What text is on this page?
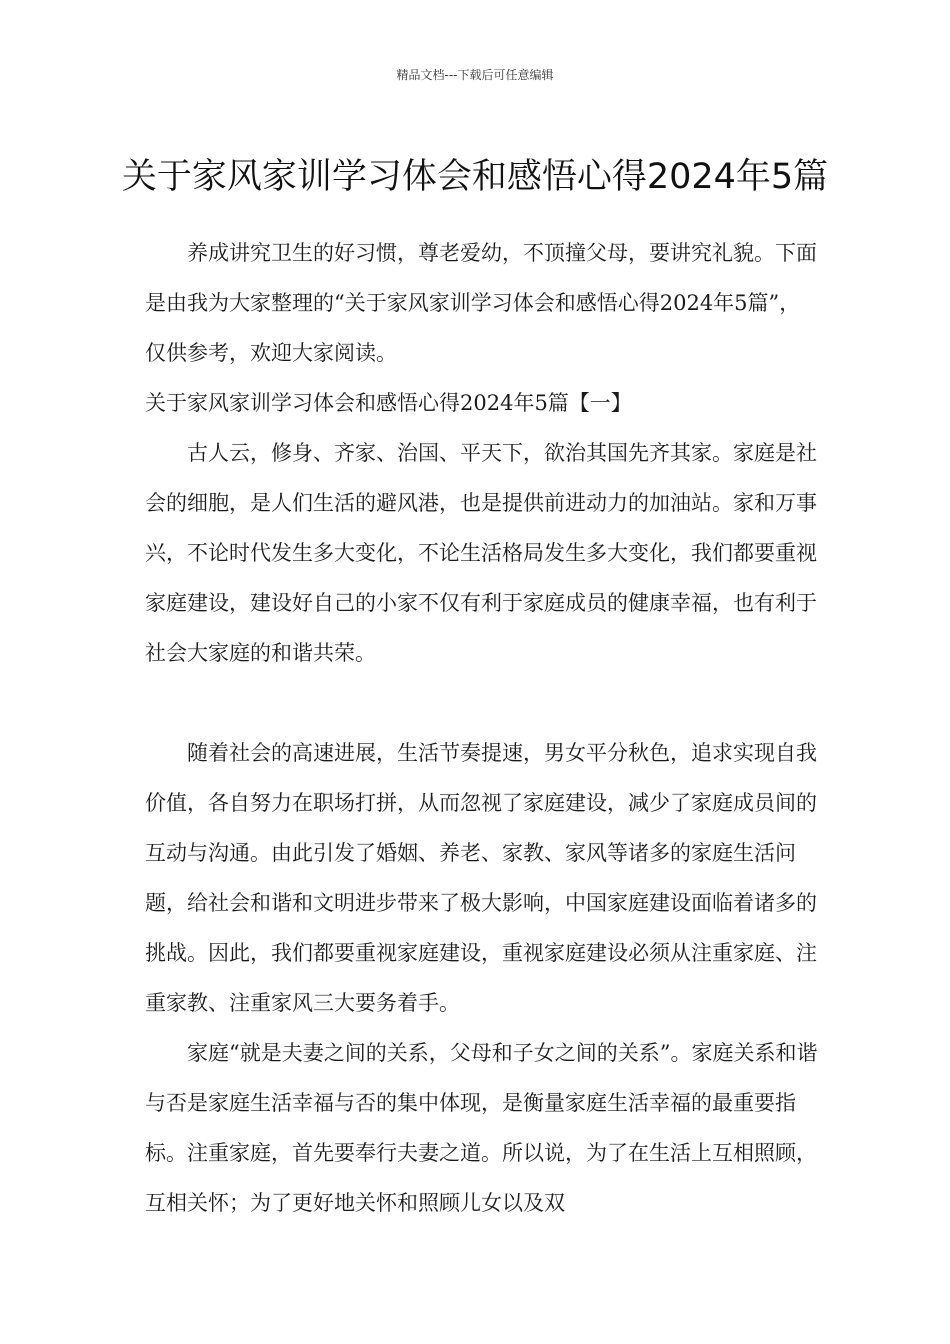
精品文档---下载后可任意编辑
关于家风家训学习体会和感悟心得2024年5篇

养成讲究卫生的好习惯，尊老爱幼，不顶撞父母，要讲究礼貌。下面是由我为大家整理的“关于家风家训学习体会和感悟心得2024年5篇”，仅供参考，欢迎大家阅读。

关于家风家训学习体会和感悟心得2024年5篇【一】

古人云，修身、齐家、治国、平天下，欲治其国先齐其家。家庭是社会的细胞，是人们生活的避风港，也是提供前进动力的加油站。家和万事兴，不论时代发生多大变化，不论生活格局发生多大变化，我们都要重视家庭建设，建设好自己的小家不仅有利于家庭成员的健康幸福，也有利于社会大家庭的和谐共荣。

随着社会的高速进展，生活节奏提速，男女平分秋色，追求实现自我价值，各自努力在职场打拼，从而忽视了家庭建设，减少了家庭成员间的互动与沟通。由此引发了婚姻、养老、家教、家风等诸多的家庭生活问题，给社会和谐和文明进步带来了极大影响，中国家庭建设面临着诸多的挑战。因此，我们都要重视家庭建设，重视家庭建设必须从注重家庭、注重家教、注重家风三大要务着手。

家庭“就是夫妻之间的关系，父母和子女之间的关系”。家庭关系和谐与否是家庭生活幸福与否的集中体现，是衡量家庭生活幸福的最重要指标。注重家庭，首先要奉行夫妻之道。所以说，为了在生活上互相照顾，互相关怀；为了更好地关怀和照顾儿女以及双
